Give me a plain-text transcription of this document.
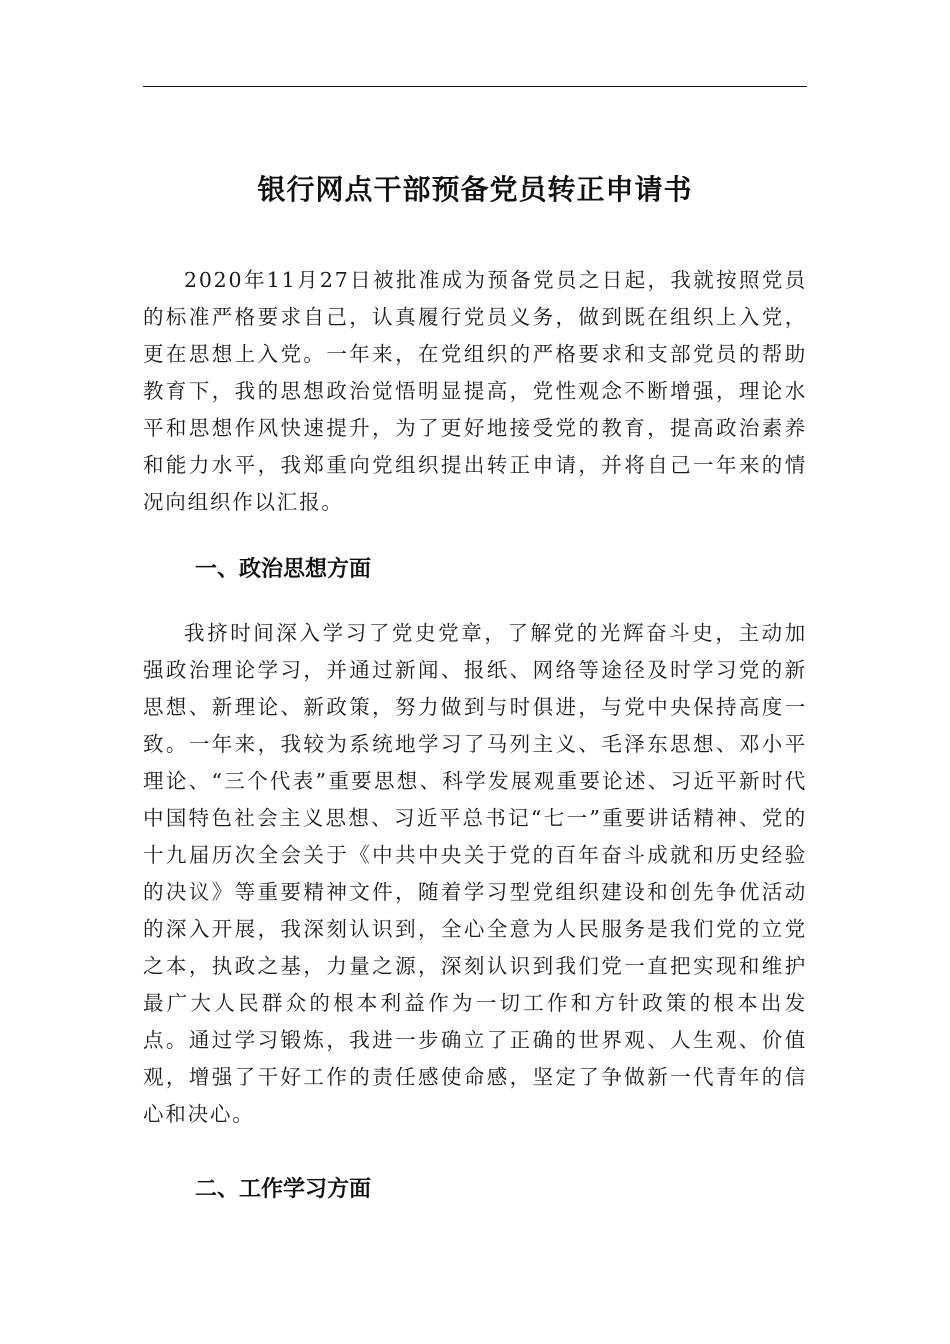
银行网点干部预备党员转正申请书

2020年11月27日被批准成为预备党员之日起，我就按照党员的标准严格要求自己，认真履行党员义务，做到既在组织上入党，更在思想上入党。一年来，在党组织的严格要求和支部党员的帮助教育下，我的思想政治觉悟明显提高，党性观念不断增强，理论水平和思想作风快速提升，为了更好地接受党的教育，提高政治素养和能力水平，我郑重向党组织提出转正申请，并将自己一年来的情况向组织作以汇报。

一、政治思想方面

我挤时间深入学习了党史党章，了解党的光辉奋斗史，主动加强政治理论学习，并通过新闻、报纸、网络等途径及时学习党的新思想、新理论、新政策，努力做到与时俱进，与党中央保持高度一致。一年来，我较为系统地学习了马列主义、毛泽东思想、邓小平理论、“三个代表”重要思想、科学发展观重要论述、习近平新时代中国特色社会主义思想、习近平总书记“七一”重要讲话精神、党的十九届历次全会关于《中共中央关于党的百年奋斗成就和历史经验的决议》等重要精神文件，随着学习型党组织建设和创先争优活动的深入开展，我深刻认识到，全心全意为人民服务是我们党的立党之本，执政之基，力量之源，深刻认识到我们党一直把实现和维护最广大人民群众的根本利益作为一切工作和方针政策的根本出发点。通过学习锻炼，我进一步确立了正确的世界观、人生观、价值观，增强了干好工作的责任感使命感，坚定了争做新一代青年的信心和决心。

二、工作学习方面
